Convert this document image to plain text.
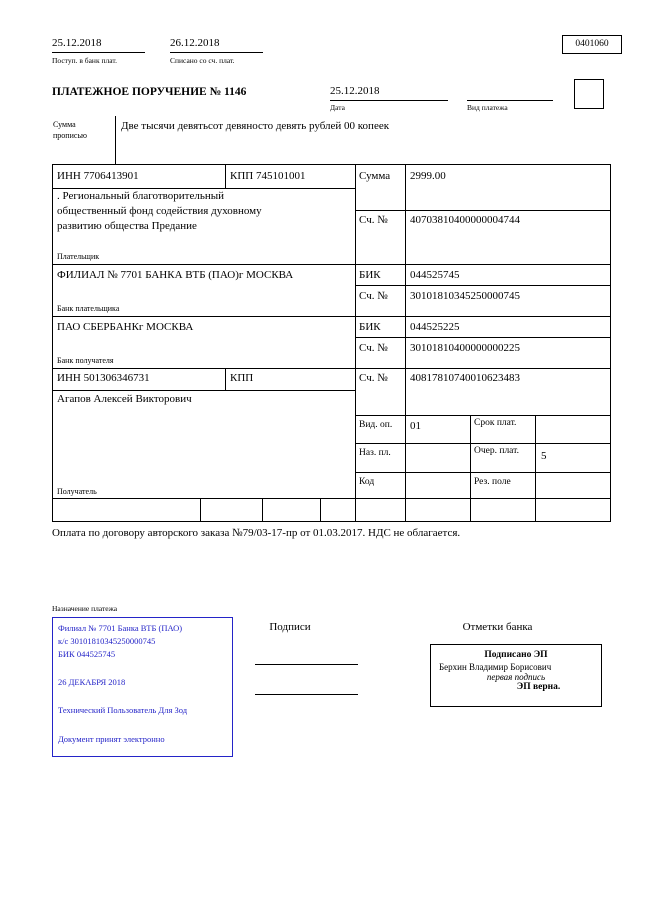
25.12.2018
Поступ. в банк плат.
26.12.2018
Списано со сч. плат.
0401060
ПЛАТЕЖНОЕ ПОРУЧЕНИЕ № 1146	25.12.2018
Дата	Вид платежа
Сумма
прописью
Две тысячи девятьсот девяносто девять рублей 00 копеек
ИНН 7706413901	КПП 745101001	Сумма 2999.00
. Региональный благотворительный общественный фонд содействия духовному развитию общества Предание	Сч. № 40703810400000004744
Плательщик
ФИЛИАЛ № 7701 БАНКА ВТБ (ПАО)г МОСКВА	БИК	044525745
Сч. № 30101810345250000745
Банк плательщика
ПАО СБЕРБАНКг МОСКВА	БИК	044525225
Сч. № 30101810400000000225
Банк получателя
ИНН 501306346731	КПП	Сч. № 40817810740010623483
Агапов Алексей Викторович
Вид. оп. 01	Срок плат.
Наз. пл.	Очер. плат.	5
Код	Рез. поле
Получатель
Оплата по договору авторского заказа №79/03-17-пр от 01.03.2017. НДС не облагается.
Назначение платежа
Филиал № 7701 Банка ВТБ (ПАО)
к/с 30101810345250000745
БИК 044525745
26 ДЕКАБРЯ 2018
Технический Пользователь Для Зод
Документ принят электронно
Подписи	Отметки банка
Подписано ЭП
Берхин Владимир Борисович
первая подпись
ЭП верна.
